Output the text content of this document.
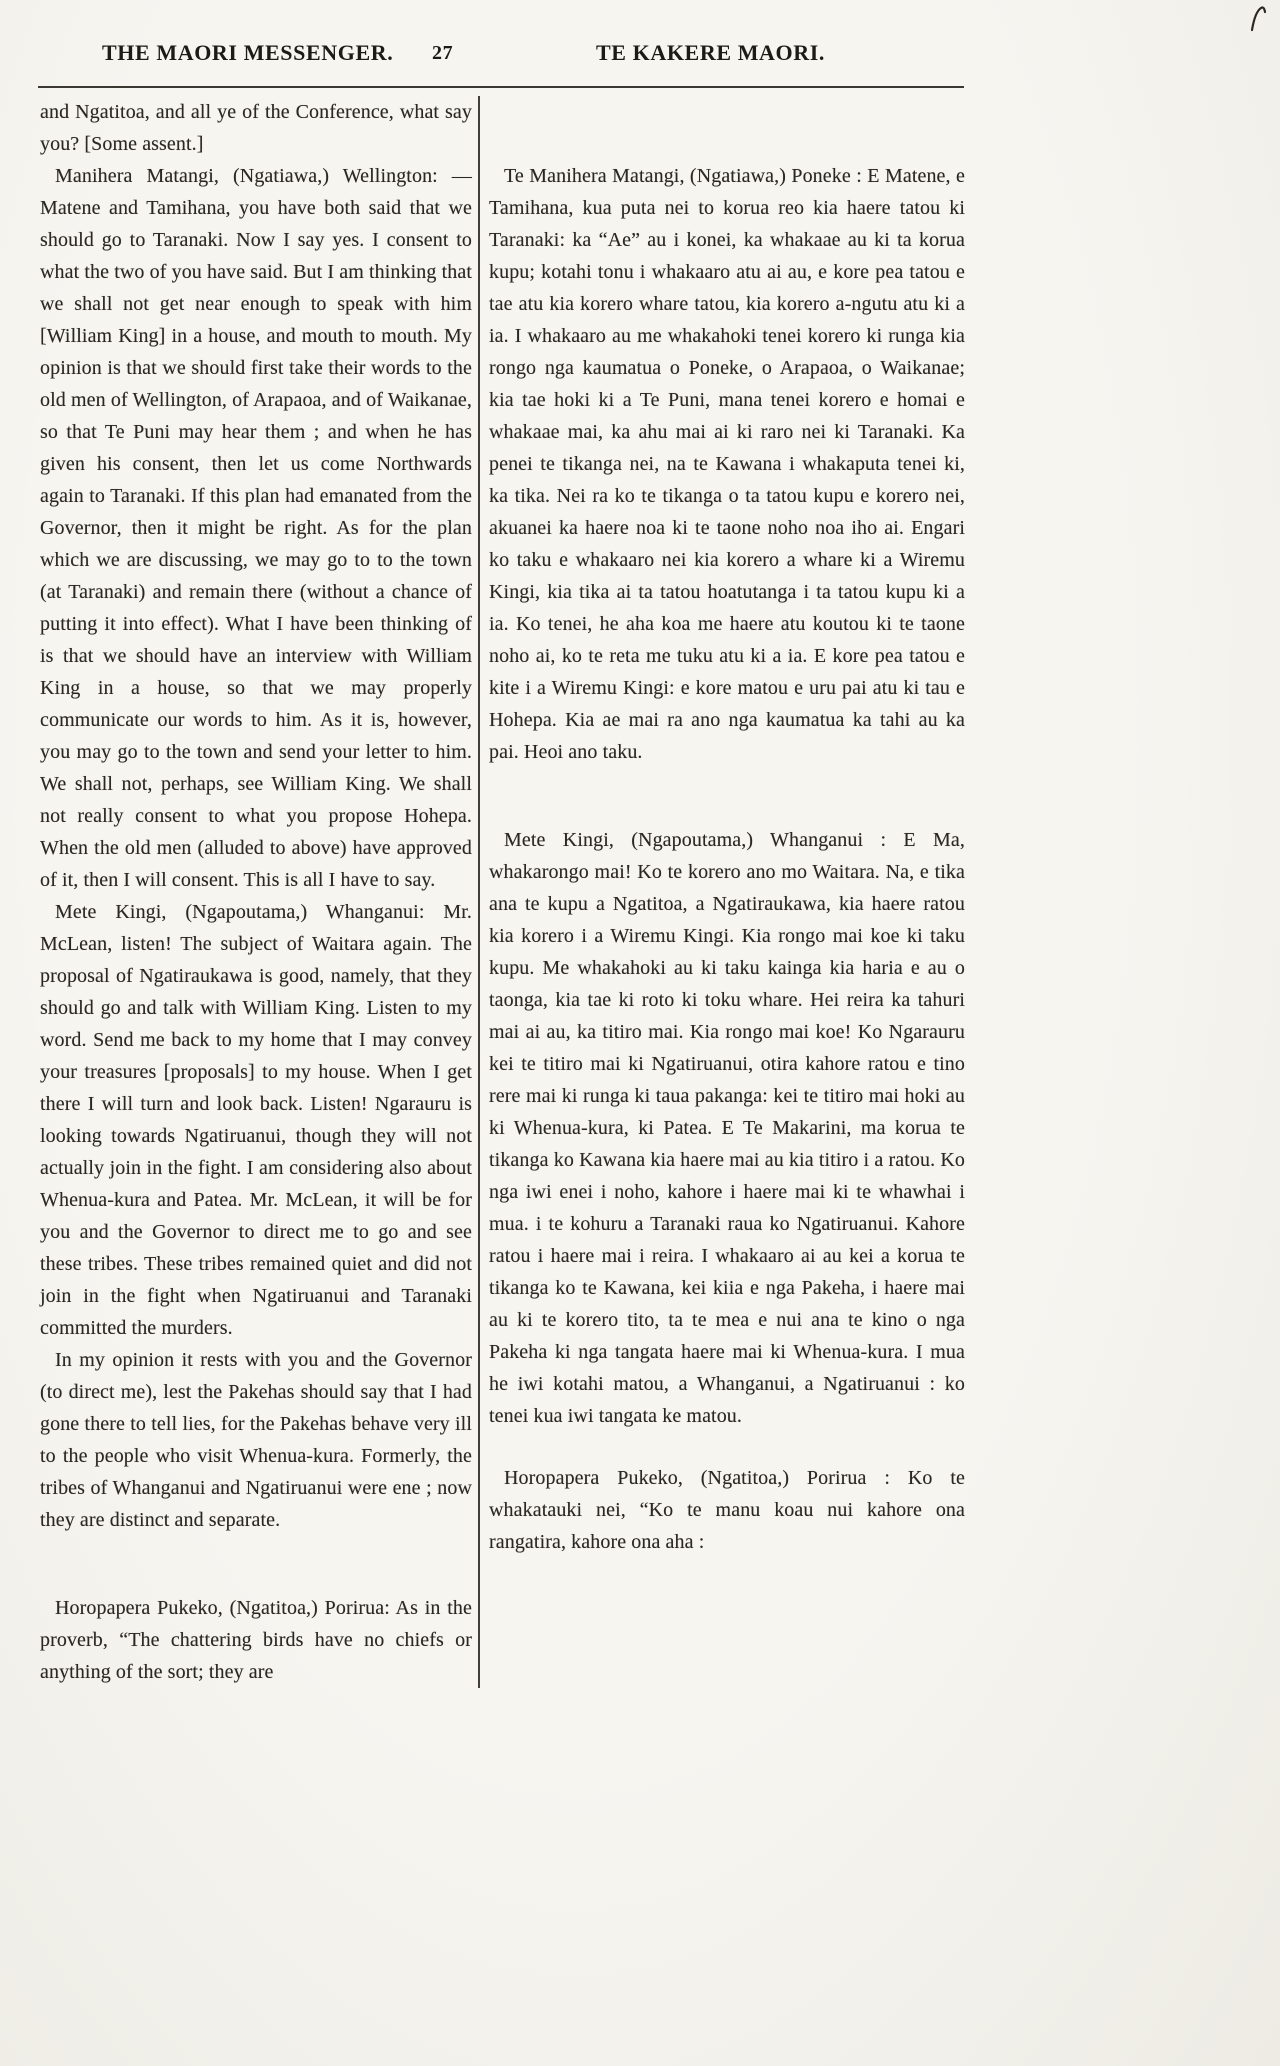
THE MAORI MESSENGER. 27	TE KAKERE MAORI.

and Ngatitoa, and all ye of the Conference, what say you? [Some assent.]

Manihera Matangi, (Ngatiawa,) Wellington: —Matene and Tamihana, you have both said that we should go to Taranaki. Now I say yes. I consent to what the two of you have said. But I am thinking that we shall not get near enough to speak with him [William King] in a house, and mouth to mouth. My opinion is that we should first take their words to the old men of Wellington, of Arapaoa, and of Waikanae, so that Te Puni may hear them ; and when he has given his consent, then let us come Northwards again to Taranaki. If this plan had emanated from the Governor, then it might be right. As for the plan which we are discussing, we may go to to the town (at Taranaki) and remain there (without a chance of putting it into effect). What I have been thinking of is that we should have an interview with William King in a house, so that we may properly communicate our words to him. As it is, however, you may go to the town and send your letter to him. We shall not, perhaps, see William King. We shall not really consent to what you propose Hohepa. When the old men (alluded to above) have approved of it, then I will consent. This is all I have to say.

Mete Kingi, (Ngapoutama,) Whanganui: Mr. McLean, listen! The subject of Waitara again. The proposal of Ngatiraukawa is good, namely, that they should go and talk with William King. Listen to my word. Send me back to my home that I may convey your treasures [proposals] to my house. When I get there I will turn and look back. Listen! Ngarauru is looking towards Ngatiruanui, though they will not actually join in the fight. I am considering also about Whenua-kura and Patea. Mr. McLean, it will be for you and the Governor to direct me to go and see these tribes. These tribes remained quiet and did not join in the fight when Ngatiruanui and Taranaki committed the murders.

In my opinion it rests with you and the Governor (to direct me), lest the Pakehas should say that I had gone there to tell lies, for the Pakehas behave very ill to the people who visit Whenua-kura. Formerly, the tribes of Whanganui and Ngatiruanui were ene ; now they are distinct and separate.

Horopapera Pukeko, (Ngatitoa,) Porirua: As in the proverb, “The chattering birds have no chiefs or anything of the sort; they are

Te Manihera Matangi, (Ngatiawa,) Poneke : E Matene, e Tamihana, kua puta nei to korua reo kia haere tatou ki Taranaki: ka “Ae” au i konei, ka whakaae au ki ta korua kupu; kotahi tonu i whakaaro atu ai au, e kore pea tatou e tae atu kia korero whare tatou, kia korero a-ngutu atu ki a ia. I whakaaro au me whakahoki tenei korero ki runga kia rongo nga kaumatua o Poneke, o Arapaoa, o Waikanae; kia tae hoki ki a Te Puni, mana tenei korero e homai e whakaae mai, ka ahu mai ai ki raro nei ki Taranaki. Ka penei te tikanga nei, na te Kawana i whakaputa tenei ki, ka tika. Nei ra ko te tikanga o ta tatou kupu e korero nei, akuanei ka haere noa ki te taone noho noa iho ai. Engari ko taku e whakaaro nei kia korero a whare ki a Wiremu Kingi, kia tika ai ta tatou hoatutanga i ta tatou kupu ki a ia. Ko tenei, he aha koa me haere atu koutou ki te taone noho ai, ko te reta me tuku atu ki a ia. E kore pea tatou e kite i a Wiremu Kingi: e kore matou e uru pai atu ki tau e Hohepa. Kia ae mai ra ano nga kaumatua ka tahi au ka pai. Heoi ano taku.

Mete Kingi, (Ngapoutama,) Whanganui : E Ma, whakarongo mai! Ko te korero ano mo Waitara. Na, e tika ana te kupu a Ngatitoa, a Ngatiraukawa, kia haere ratou kia korero i a Wiremu Kingi. Kia rongo mai koe ki taku kupu. Me whakahoki au ki taku kainga kia haria e au o taonga, kia tae ki roto ki toku whare. Hei reira ka tahuri mai ai au, ka titiro mai. Kia rongo mai koe! Ko Ngarauru kei te titiro mai ki Ngatiruanui, otira kahore ratou e tino rere mai ki runga ki taua pakanga: kei te titiro mai hoki au ki Whenua-kura, ki Patea. E Te Makarini, ma korua te tikanga ko Kawana kia haere mai au kia titiro i a ratou. Ko nga iwi enei i noho, kahore i haere mai ki te whawhai i mua. i te kohuru a Taranaki raua ko Ngatiruanui. Kahore ratou i haere mai i reira. I whakaaro ai au kei a korua te tikanga ko te Kawana, kei kiia e nga Pakeha, i haere mai au ki te korero tito, ta te mea e nui ana te kino o nga Pakeha ki nga tangata haere mai ki Whenua-kura. I mua he iwi kotahi matou, a Whanganui, a Ngatiruanui : ko tenei kua iwi tangata ke matou.

Horopapera Pukeko, (Ngatitoa,) Porirua : Ko te whakatauki nei, “Ko te manu koau nui kahore ona rangatira, kahore ona aha :
